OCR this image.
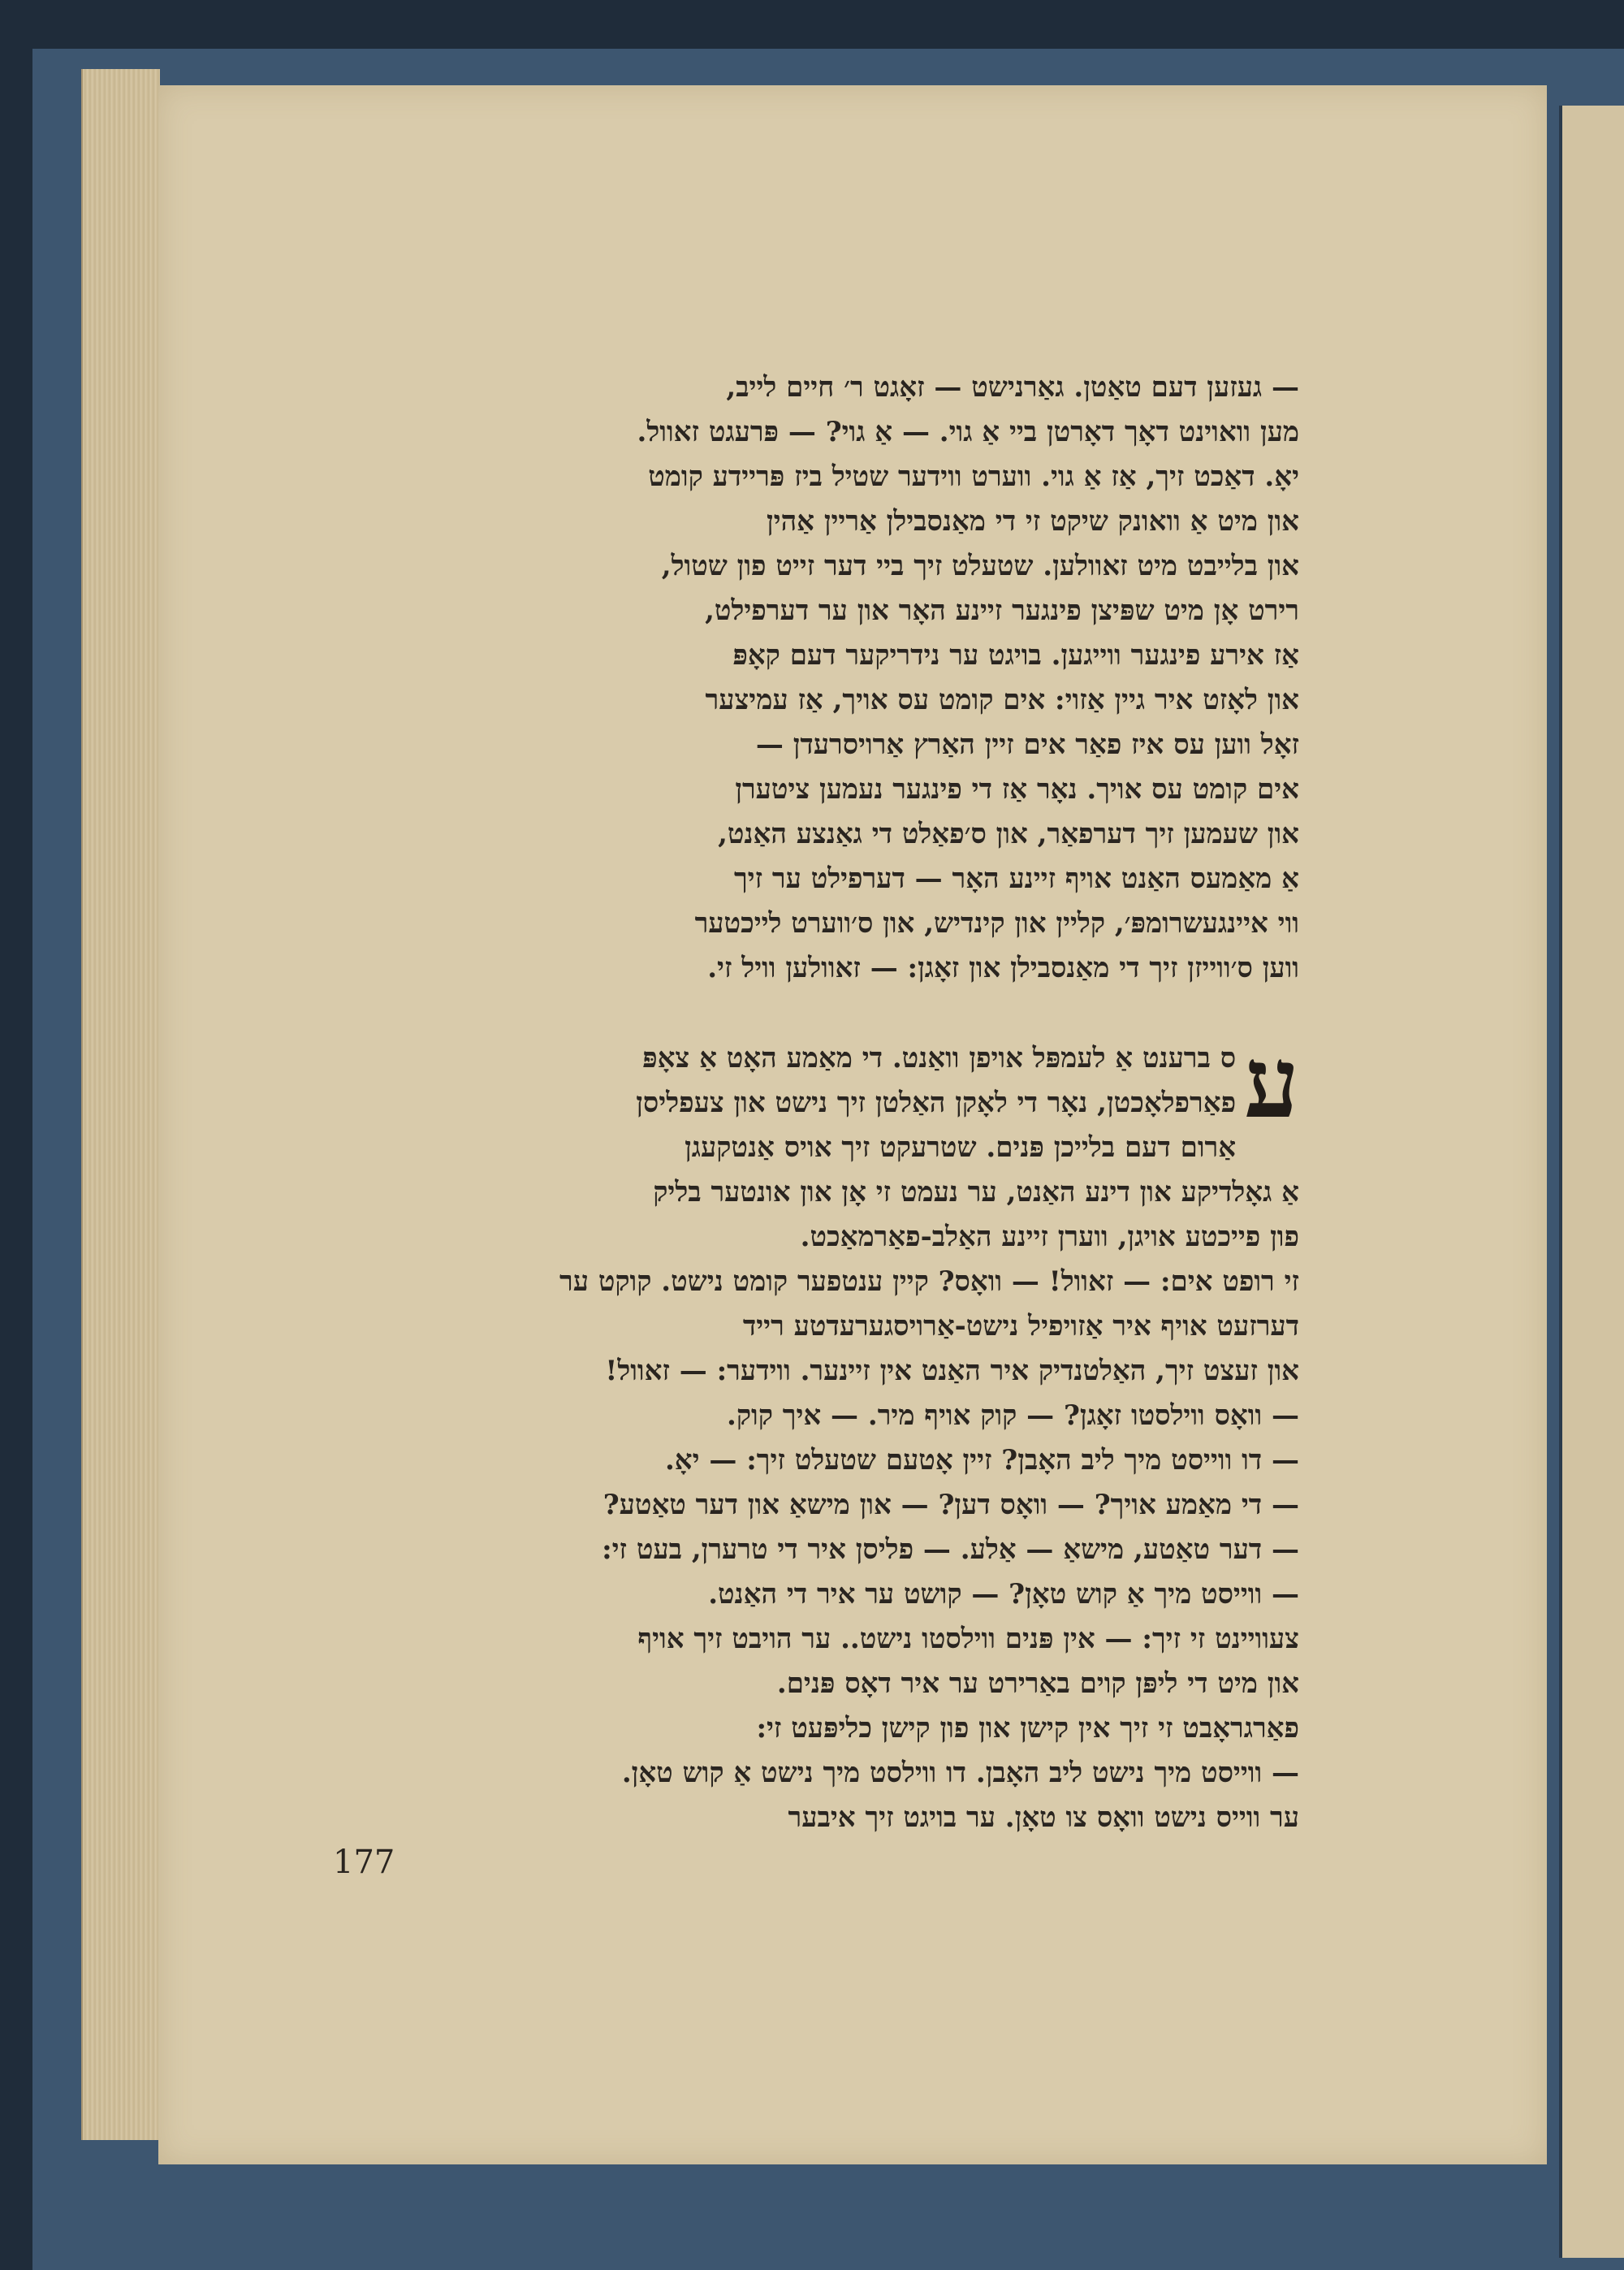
— געזען דעם טאַטן. גאַרנישט — זאָגט ר׳ חיים לייב,
מען וואוינט דאָך דאָרטן ביי אַ גוי. — אַ גוי? — פּרעגט זאוול.
יאָ. דאַכט זיך, אַז אַ גוי. ווערט ווידער שטיל ביז פּריידע קומט
און מיט אַ וואונק שיקט זי די מאַנסבילן אַריין אַהין
און בלייבט מיט זאוולען. שטעלט זיך ביי דער זייט פון שטול,
רירט אָן מיט שפּיצן פינגער זיינע האָר און ער דערפילט,
אַז אירע פינגער ווייגען. בויגט ער נידריקער דעם קאָפּ
און לאָזט איר גיין אַזוי: אים קומט עס אויך, אַז עמיצער
זאָל ווען עס איז פאַר אים זיין האַרץ אַרויסרעדן —
אים קומט עס אויך. נאָר אַז די פינגער נעמען ציטערן
און שעמען זיך דערפאַר, און ס׳פאַלט די גאַנצע האַנט,
אַ מאַמעס האַנט אויף זיינע האָר — דערפילט ער זיך
ווי איינגעשרומפּ׳, קליין און קינדיש, און ס׳ווערט לייכטער
ווען ס׳ווייזן זיך די מאַנסבילן און זאָגן: — זאוולען וויל זי.
ע
ס ברענט אַ לעמפּל אויפן וואַנט. די מאַמע האָט אַ צאָפּ
פאַרפלאָכטן, נאָר די לאָקן האַלטן זיך נישט און צעפליסן
אַרום דעם בלייכן פּנים. שטרעקט זיך אויס אַנטקעגן
אַ גאָלדיקע און דינע האַנט, ער נעמט זי אָן און אונטער בליק
פון פייכטע אויגן, ווערן זיינע האַלב-פאַרמאַכט.
זי רופט אים: — זאוול! — וואָס? קיין ענטפער קומט נישט. קוקט ער
דערזעט אויף איר אַזויפיל נישט-אַרויסגערעדטע רייד
און זעצט זיך, האַלטנדיק איר האַנט אין זיינער. ווידער: — זאוול!
— וואָס ווילסטו זאָגן? — קוק אויף מיר. — איך קוק.
— דו ווייסט מיך ליב האָבן? זיין אָטעם שטעלט זיך: — יאָ.
— די מאַמע אויך? — וואָס דען? — און מישאַ און דער טאַטע?
— דער טאַטע, מישאַ — אַלע. — פליסן איר די טרערן, בעט זי:
— ווייסט מיך אַ קוש טאָן? — קושט ער איר די האַנט.
צעוויינט זי זיך: — אין פּנים ווילסטו נישט.. ער הויבט זיך אויף
און מיט די ליפּן קוים באַרירט ער איר דאָס פּנים.
פאַרגראָבט זי זיך אין קישן און פון קישן כליפּעט זי:
— ווייסט מיך נישט ליב האָבן. דו ווילסט מיך נישט אַ קוש טאָן.
ער ווייס נישט וואָס צו טאָן. ער בויגט זיך איבער
177
